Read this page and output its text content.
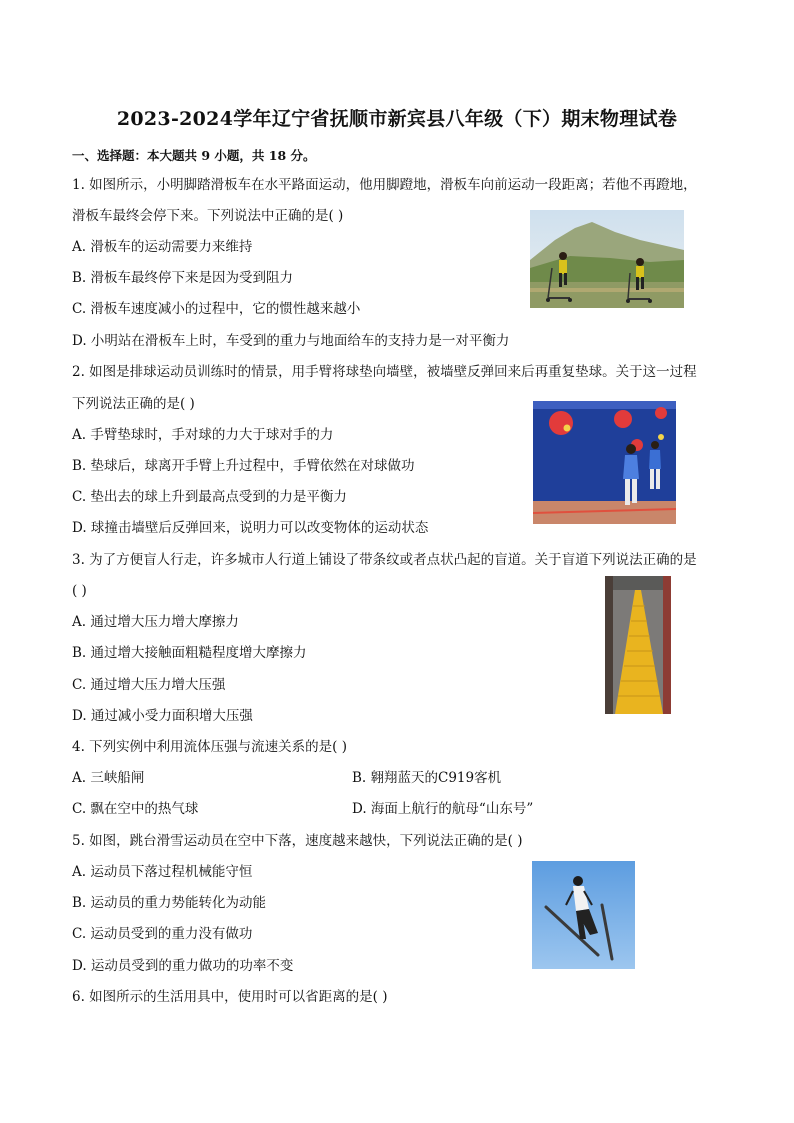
2023-2024学年辽宁省抚顺市新宾县八年级（下）期末物理试卷
一、选择题：本大题共 9 小题，共 18 分。
1. 如图所示，小明脚踏滑板车在水平路面运动，他用脚蹬地，滑板车向前运动一段距离；若他不再蹬地，
滑板车最终会停下来。下列说法中正确的是( )
A. 滑板车的运动需要力来维持
B. 滑板车最终停下来是因为受到阻力
C. 滑板车速度减小的过程中，它的惯性越来越小
D. 小明站在滑板车上时，车受到的重力与地面给车的支持力是一对平衡力
2. 如图是排球运动员训练时的情景，用手臂将球垫向墙壁，被墙壁反弹回来后再重复垫球。关于这一过程
下列说法正确的是( )
A. 手臂垫球时，手对球的力大于球对手的力
B. 垫球后，球离开手臂上升过程中，手臂依然在对球做功
C. 垫出去的球上升到最高点受到的力是平衡力
D. 球撞击墙壁后反弹回来，说明力可以改变物体的运动状态
3. 为了方便盲人行走，许多城市人行道上铺设了带条纹或者点状凸起的盲道。关于盲道下列说法正确的是
( )
A. 通过增大压力增大摩擦力
B. 通过增大接触面粗糙程度增大摩擦力
C. 通过增大压力增大压强
D. 通过减小受力面积增大压强
4. 下列实例中利用流体压强与流速关系的是( )
A. 三峡船闸	B. 翱翔蓝天的C919客机
C. 飘在空中的热气球	D. 海面上航行的航母“山东号”
5. 如图，跳台滑雪运动员在空中下落，速度越来越快，下列说法正确的是( )
A. 运动员下落过程机械能守恒
B. 运动员的重力势能转化为动能
C. 运动员受到的重力没有做功
D. 运动员受到的重力做功的功率不变
6. 如图所示的生活用具中，使用时可以省距离的是( )
